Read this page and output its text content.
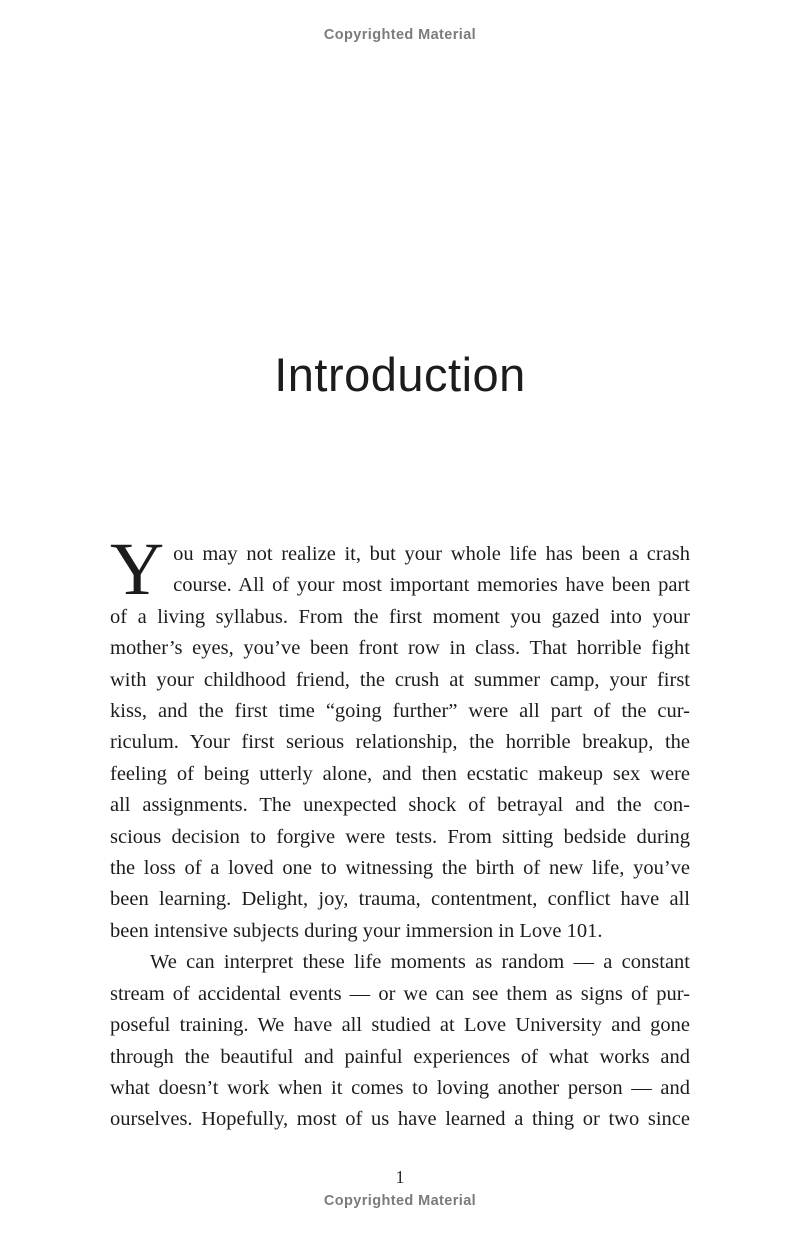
Copyrighted Material
Introduction
Y ou may not realize it, but your whole life has been a crash
course. All of your most important memories have been part
of a living syllabus. From the first moment you gazed into your
mother’s eyes, you’ve been front row in class. That horrible fight
with your childhood friend, the crush at summer camp, your first
kiss, and the first time “going further” were all part of the cur-
riculum. Your first serious relationship, the horrible breakup, the
feeling of being utterly alone, and then ecstatic makeup sex were
all assignments. The unexpected shock of betrayal and the con-
scious decision to forgive were tests. From sitting bedside during
the loss of a loved one to witnessing the birth of new life, you’ve
been learning. Delight, joy, trauma, contentment, conflict have all
been intensive subjects during your immersion in Love 101.
We can interpret these life moments as random — a constant
stream of accidental events — or we can see them as signs of pur-
poseful training. We have all studied at Love University and gone
through the beautiful and painful experiences of what works and
what doesn’t work when it comes to loving another person — and
ourselves. Hopefully, most of us have learned a thing or two since
1
Copyrighted Material
